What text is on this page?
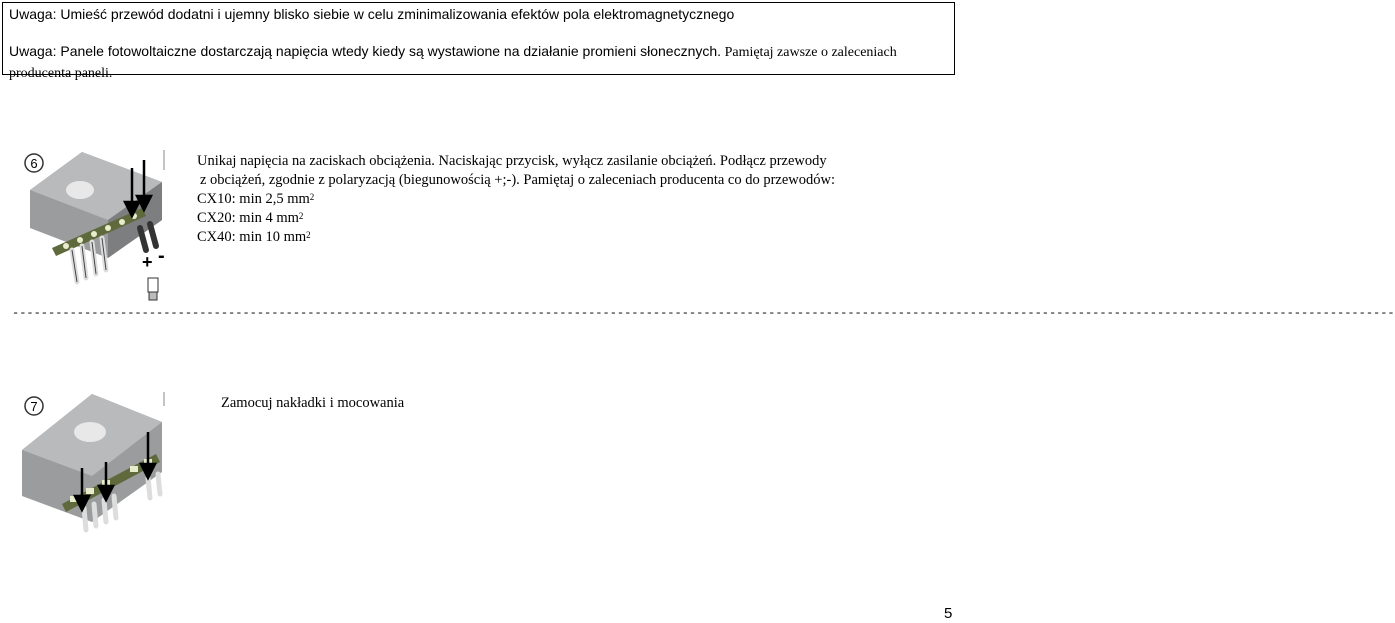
Uwaga: Umieść przewód dodatni i ujemny blisko siebie w celu zminimalizowania efektów pola elektromagnetycznego
Uwaga: Panele fotowoltaiczne dostarczają napięcia wtedy kiedy są wystawione na działanie promieni słonecznych. Pamiętaj zawsze o zaleceniach producenta paneli.
6
+ -
Unikaj napięcia na zaciskach obciążenia. Naciskając przycisk, wyłącz zasilanie obciążeń. Podłącz przewody
z obciążeń, zgodnie z polaryzacją (biegunowością +;-). Pamiętaj o zaleceniach producenta co do przewodów:
CX10: min 2,5 $mm^2$
CX20: min 4 $mm^2$
CX40: min 10 $mm^2$
------------------------------------------------------------------------------------------------------------------------------------------------------------------------------------------------
7	Zamocuj nakładki i mocowania
5
